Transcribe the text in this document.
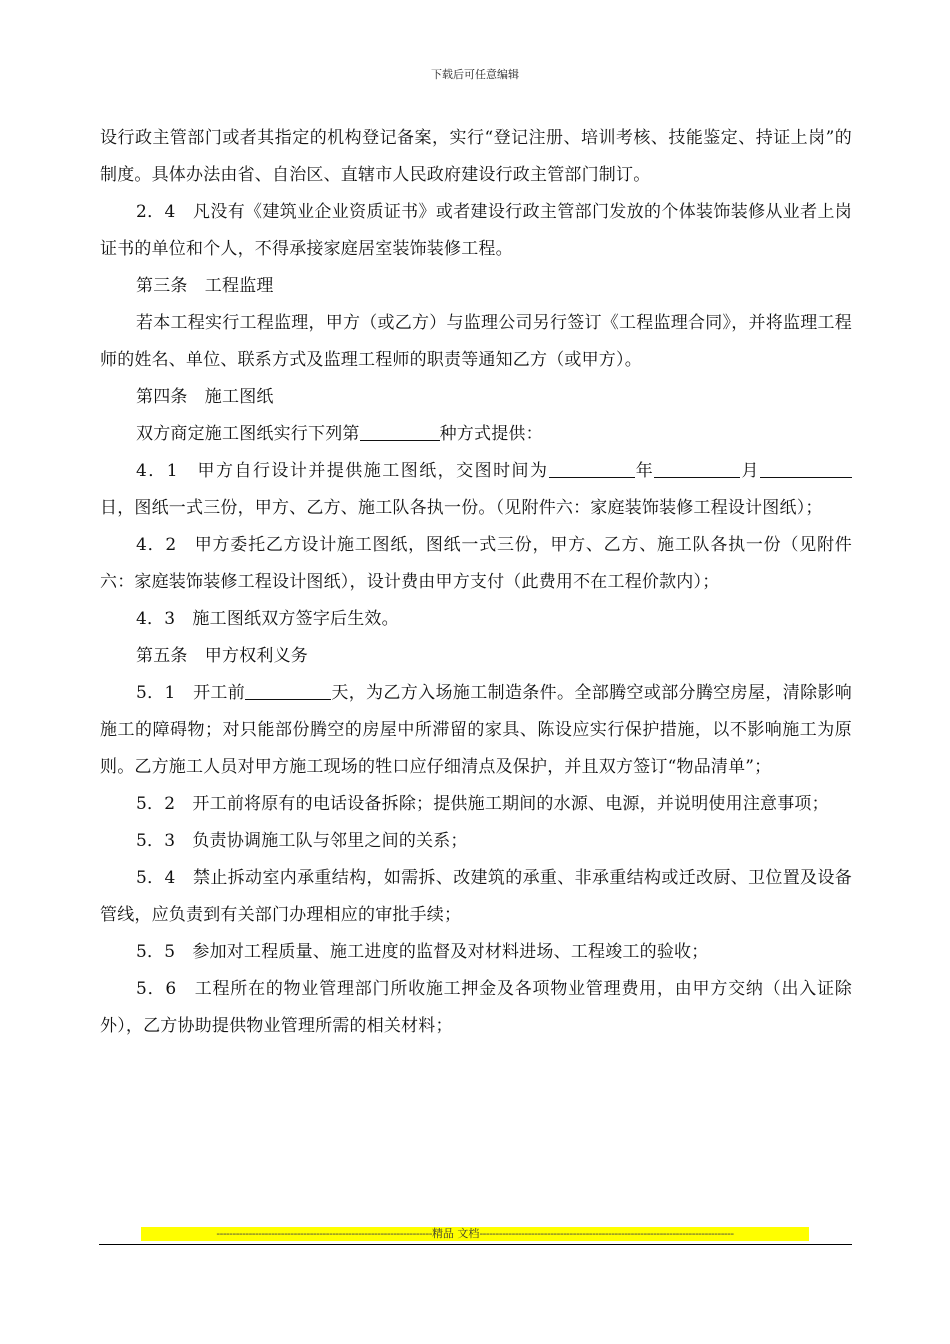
下载后可任意编辑

设行政主管部门或者其指定的机构登记备案，实行“登记注册、培训考核、技能鉴定、持证上岗”的制度。具体办法由省、自治区、直辖市人民政府建设行政主管部门制订。

2．4　凡没有《建筑业企业资质证书》或者建设行政主管部门发放的个体装饰装修从业者上岗证书的单位和个人，不得承接家庭居室装饰装修工程。

第三条　工程监理

若本工程实行工程监理，甲方（或乙方）与监理公司另行签订《工程监理合同》，并将监理工程师的姓名、单位、联系方式及监理工程师的职责等通知乙方（或甲方）。

第四条　施工图纸

双方商定施工图纸实行下列第	种方式提供：

4．1　甲方自行设计并提供施工图纸，交图时间为	年	月日，图纸一式三份，甲方、乙方、施工队各执一份。（见附件六：家庭装饰装修工程设计图纸）；

4．2　甲方委托乙方设计施工图纸，图纸一式三份，甲方、乙方、施工队各执一份（见附件六：家庭装饰装修工程设计图纸），设计费由甲方支付（此费用不在工程价款内）；

4．3　施工图纸双方签字后生效。

第五条　甲方权利义务

5．1　开工前	天，为乙方入场施工制造条件。全部腾空或部分腾空房屋，清除影响施工的障碍物；对只能部份腾空的房屋中所滞留的家具、陈设应实行保护措施，以不影响施工为原则。乙方施工人员对甲方施工现场的牲口应仔细清点及保护，并且双方签订“物品清单”；

5．2　开工前将原有的电话设备拆除；提供施工期间的水源、电源，并说明使用注意事项；

5．3　负责协调施工队与邻里之间的关系；

5．4　禁止拆动室内承重结构，如需拆、改建筑的承重、非承重结构或迁改厨、卫位置及设备管线，应负责到有关部门办理相应的审批手续；

5．5　参加对工程质量、施工进度的监督及对材料进场、工程竣工的验收；

5．6　工程所在的物业管理部门所收施工押金及各项物业管理费用，由甲方交纳（出入证除外），乙方协助提供物业管理所需的相关材料；

-------------------------------------------------------------------精品 文档-------------------------------------------------------------------------------
